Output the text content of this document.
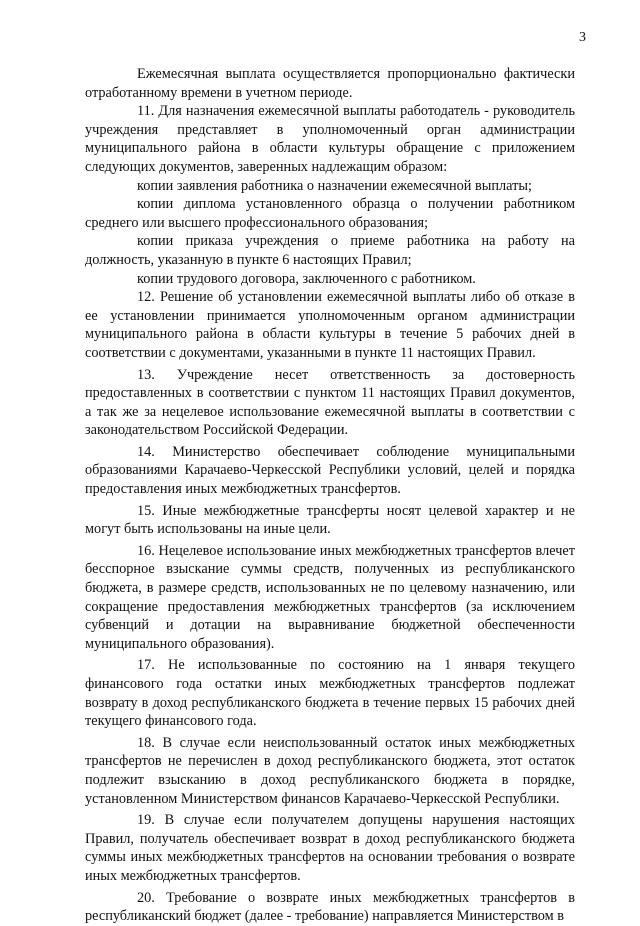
3

Ежемесячная выплата осуществляется пропорционально фактически отработанному времени в учетном периоде.

11. Для назначения ежемесячной выплаты работодатель - руководитель учреждения представляет в уполномоченный орган администрации муниципального района в области культуры обращение с приложением следующих документов, заверенных надлежащим образом:

копии заявления работника о назначении ежемесячной выплаты;

копии диплома установленного образца о получении работником среднего или высшего профессионального образования;

копии приказа учреждения о приеме работника на работу на должность, указанную в пункте 6 настоящих Правил;

копии трудового договора, заключенного с работником.

12. Решение об установлении ежемесячной выплаты либо об отказе в ее установлении принимается уполномоченным органом администрации муниципального района в области культуры в течение 5 рабочих дней в соответствии с документами, указанными в пункте 11 настоящих Правил.

13. Учреждение несет ответственность за достоверность предоставленных в соответствии с пунктом 11 настоящих Правил документов, а так же за нецелевое использование ежемесячной выплаты в соответствии с законодательством Российской Федерации.

14. Министерство обеспечивает соблюдение муниципальными образованиями Карачаево-Черкесской Республики условий, целей и порядка предоставления иных межбюджетных трансфертов.

15. Иные межбюджетные трансферты носят целевой характер и не могут быть использованы на иные цели.

16. Нецелевое использование иных межбюджетных трансфертов влечет бесспорное взыскание суммы средств, полученных из республиканского бюджета, в размере средств, использованных не по целевому назначению, или сокращение предоставления межбюджетных трансфертов (за исключением субвенций и дотации на выравнивание бюджетной обеспеченности муниципального образования).

17. Не использованные по состоянию на 1 января текущего финансового года остатки иных межбюджетных трансфертов подлежат возврату в доход республиканского бюджета в течение первых 15 рабочих дней текущего финансового года.

18. В случае если неиспользованный остаток иных межбюджетных трансфертов не перечислен в доход республиканского бюджета, этот остаток подлежит взысканию в доход республиканского бюджета в порядке, установленном Министерством финансов Карачаево-Черкесской Республики.

19. В случае если получателем допущены нарушения настоящих Правил, получатель обеспечивает возврат в доход республиканского бюджета суммы иных межбюджетных трансфертов на основании требования о возврате иных межбюджетных трансфертов.

20. Требование о возврате иных межбюджетных трансфертов в республиканский бюджет (далее - требование) направляется Министерством в
